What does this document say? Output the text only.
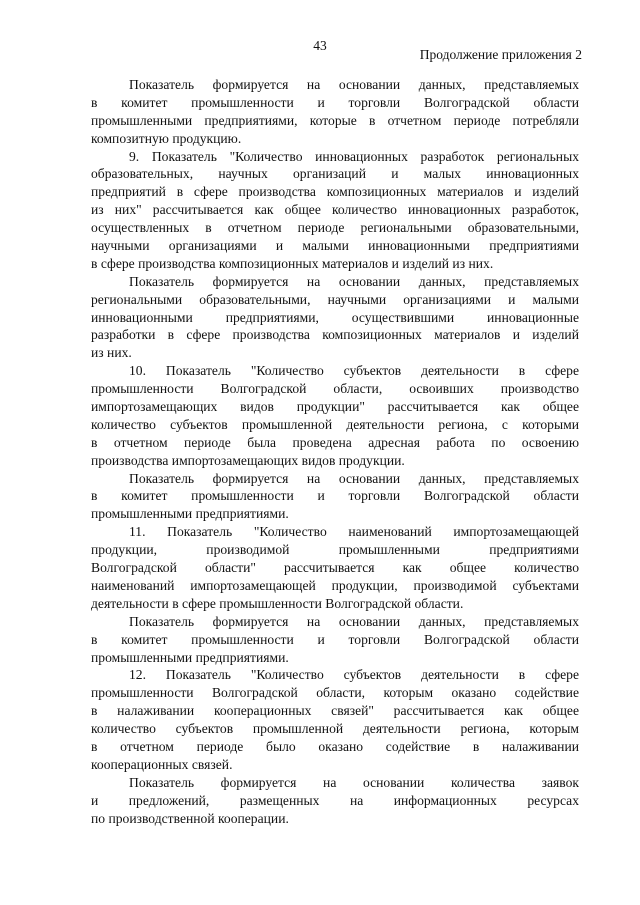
43
Продолжение приложения 2
Показатель формируется на основании данных, представляемых
в комитет промышленности и торговли Волгоградской области
промышленными предприятиями, которые в отчетном периоде потребляли
композитную продукцию.
9. Показатель "Количество инновационных разработок региональных
образовательных, научных организаций и малых инновационных
предприятий в сфере производства композиционных материалов и изделий
из них" рассчитывается как общее количество инновационных разработок,
осуществленных в отчетном периоде региональными образовательными,
научными организациями и малыми инновационными предприятиями
в сфере производства композиционных материалов и изделий из них.
Показатель формируется на основании данных, представляемых
региональными образовательными, научными организациями и малыми
инновационными предприятиями, осуществившими инновационные
разработки в сфере производства композиционных материалов и изделий
из них.
10. Показатель "Количество субъектов деятельности в сфере
промышленности Волгоградской области, освоивших производство
импортозамещающих видов продукции" рассчитывается как общее
количество субъектов промышленной деятельности региона, с которыми
в отчетном периоде была проведена адресная работа по освоению
производства импортозамещающих видов продукции.
Показатель формируется на основании данных, представляемых
в комитет промышленности и торговли Волгоградской области
промышленными предприятиями.
11. Показатель "Количество наименований импортозамещающей
продукции, производимой промышленными предприятиями
Волгоградской области" рассчитывается как общее количество
наименований импортозамещающей продукции, производимой субъектами
деятельности в сфере промышленности Волгоградской области.
Показатель формируется на основании данных, представляемых
в комитет промышленности и торговли Волгоградской области
промышленными предприятиями.
12. Показатель "Количество субъектов деятельности в сфере
промышленности Волгоградской области, которым оказано содействие
в налаживании кооперационных связей" рассчитывается как общее
количество субъектов промышленной деятельности региона, которым
в отчетном периоде было оказано содействие в налаживании
кооперационных связей.
Показатель формируется на основании количества заявок
и предложений, размещенных на информационных ресурсах
по производственной кооперации.
